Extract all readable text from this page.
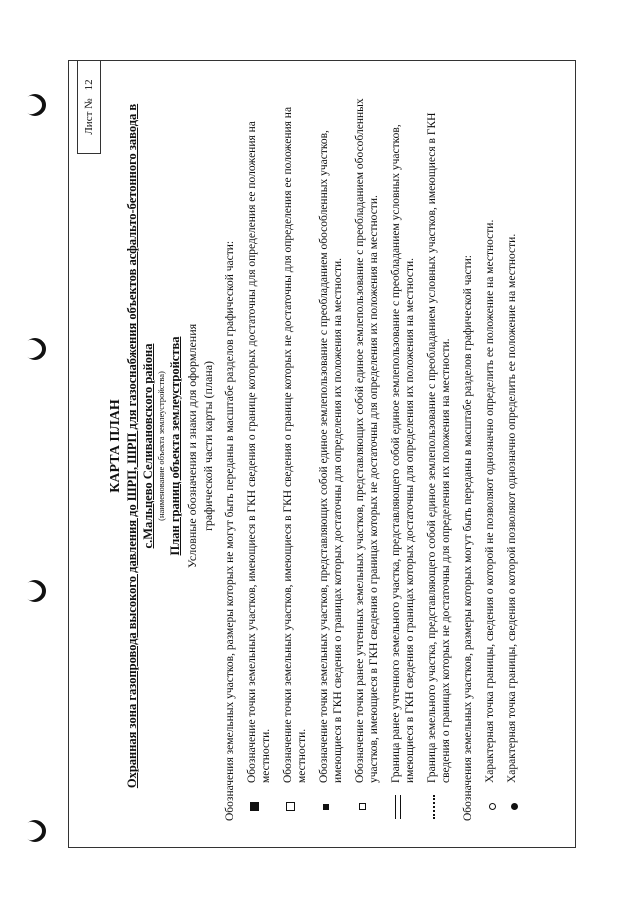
Лист №
12
КАРТА ПЛАН Охранная зона газопровода высокого давления до ШРП, ШРП для газоснабжения объектов асфальто-бетонного завода в с.Мальцево Селивановского района (наименование объекта землеустройства) План границ объекта землеустройства Условные обозначения и знаки для оформления графической части карты (плана) Обозначения земельных участков, размеры которых не могут быть переданы в масштабе разделов графической части: Обозначение точки земельных участков, имеющиеся в ГКН сведения о границе которых достаточны для определения ее положения на местности. Обозначение точки земельных участков, имеющиеся в ГКН сведения о границе которых не достаточны для определения ее положения на местности. Обозначение точки земельных участков, представляющих собой единое землепользование с преобладанием обособленных участков, имеющиеся в ГКН сведения о границах которых достаточны для определения их положения на местности. Обозначение точки ранее учтенных земельных участков, представляющих собой единое землепользование с преобладанием обособленных участков, имеющиеся в ГКН сведения о границах которых не достаточны для определения их положения на местности. Граница ранее учтенного земельного участка, представляющего собой единое землепользование с преобладанием условных участков, имеющиеся в ГКН сведения о границах которых достаточны для определения их положения на местности. Граница земельного участка, представляющего собой единое землепользование с преобладанием условных участков, имеющиеся в ГКН сведения о границах которых не достаточны для определения их положения на местности. Обозначения земельных участков, размеры которых могут быть переданы в масштабе разделов графической части: Характерная точка границы, сведения о которой не позволяют однозначно определить ее положение на местности. Характерная точка границы, сведения о которой позволяют однозначно определить ее положение на местности.
